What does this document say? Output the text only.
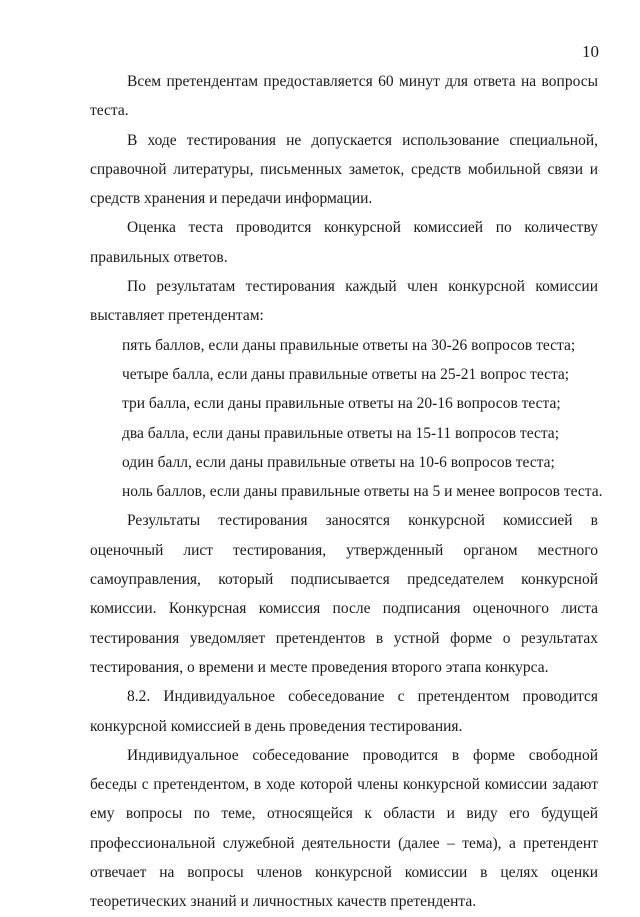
10

Всем претендентам предоставляется 60 минут для ответа на вопросы теста.

В ходе тестирования не допускается использование специальной, справочной литературы, письменных заметок, средств мобильной связи и средств хранения и передачи информации.

Оценка теста проводится конкурсной комиссией по количеству правильных ответов.

По результатам тестирования каждый член конкурсной комиссии выставляет претендентам:

пять баллов, если даны правильные ответы на 30-26 вопросов теста;
четыре балла, если даны правильные ответы на 25-21 вопрос теста;
три балла, если даны правильные ответы на 20-16 вопросов теста;
два балла, если даны правильные ответы на 15-11 вопросов теста;
один балл, если даны правильные ответы на 10-6 вопросов теста;
ноль баллов, если даны правильные ответы на 5 и менее вопросов теста.

Результаты тестирования заносятся конкурсной комиссией в оценочный лист тестирования, утвержденный органом местного самоуправления, который подписывается председателем конкурсной комиссии. Конкурсная комиссия после подписания оценочного листа тестирования уведомляет претендентов в устной форме о результатах тестирования, о времени и месте проведения второго этапа конкурса.

8.2. Индивидуальное собеседование с претендентом проводится конкурсной комиссией в день проведения тестирования.

Индивидуальное собеседование проводится в форме свободной беседы с претендентом, в ходе которой члены конкурсной комиссии задают ему вопросы по теме, относящейся к области и виду его будущей профессиональной служебной деятельности (далее – тема), а претендент отвечает на вопросы членов конкурсной комиссии в целях оценки теоретических знаний и личностных качеств претендента.
